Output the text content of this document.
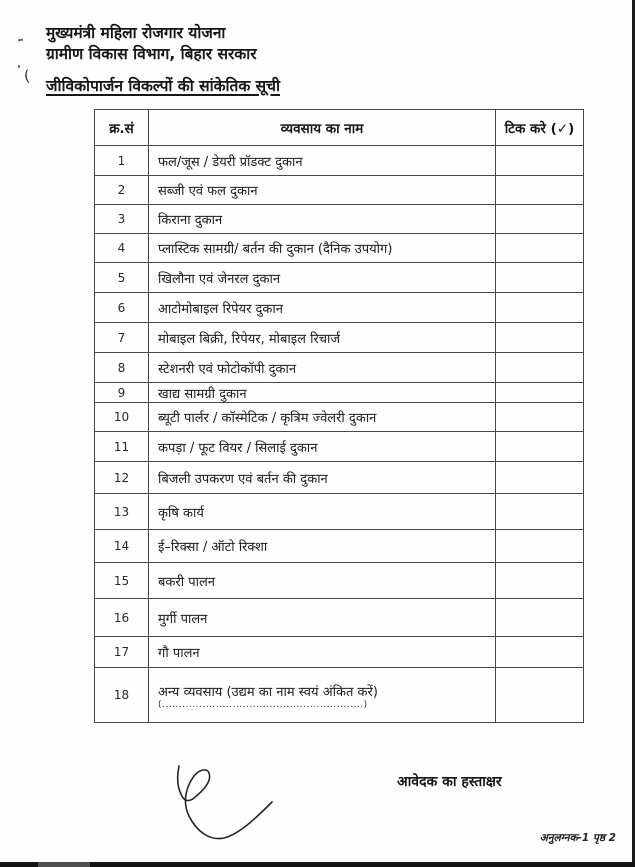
(
मुख्यमंत्री महिला रोजगार योजना
ग्रामीण विकास विभाग, बिहार सरकार
जीविकोपार्जन विकल्पों की सांकेतिक सूची
क्र.सं	व्यवसाय का नाम	टिक करे (✓)
1	फल/जूस / डेयरी प्रॉडक्ट दुकान	
2	सब्जी एवं फल दुकान	
3	किराना दुकान	
4	प्लास्टिक सामग्री/ बर्तन की दुकान (दैनिक उपयोग)	
5	खिलौना एवं जेनरल दुकान	
6	आटोमोबाइल रिपेयर दुकान	
7	मोबाइल बिक्री, रिपेयर, मोबाइल रिचार्ज	
8	स्टेशनरी एवं फोटोकॉपी दुकान	
9	खाद्य सामग्री दुकान	
10	ब्यूटी पार्लर / कॉस्मेटिक / कृत्रिम ज्वेलरी दुकान	
11	कपड़ा / फूट वियर / सिलाई दुकान	
12	बिजली उपकरण एवं बर्तन की दुकान	
13	कृषि कार्य	
14	ई–रिक्सा / ऑटो रिक्शा	
15	बकरी पालन	
16	मुर्गी पालन	
17	गौ पालन	
18	अन्य व्यवसाय (उद्यम का नाम स्वयं अंकित करें)
(............................................................)	

आवेदक का हस्ताक्षर
अनुलग्नक-1 पृष्ठ 2
